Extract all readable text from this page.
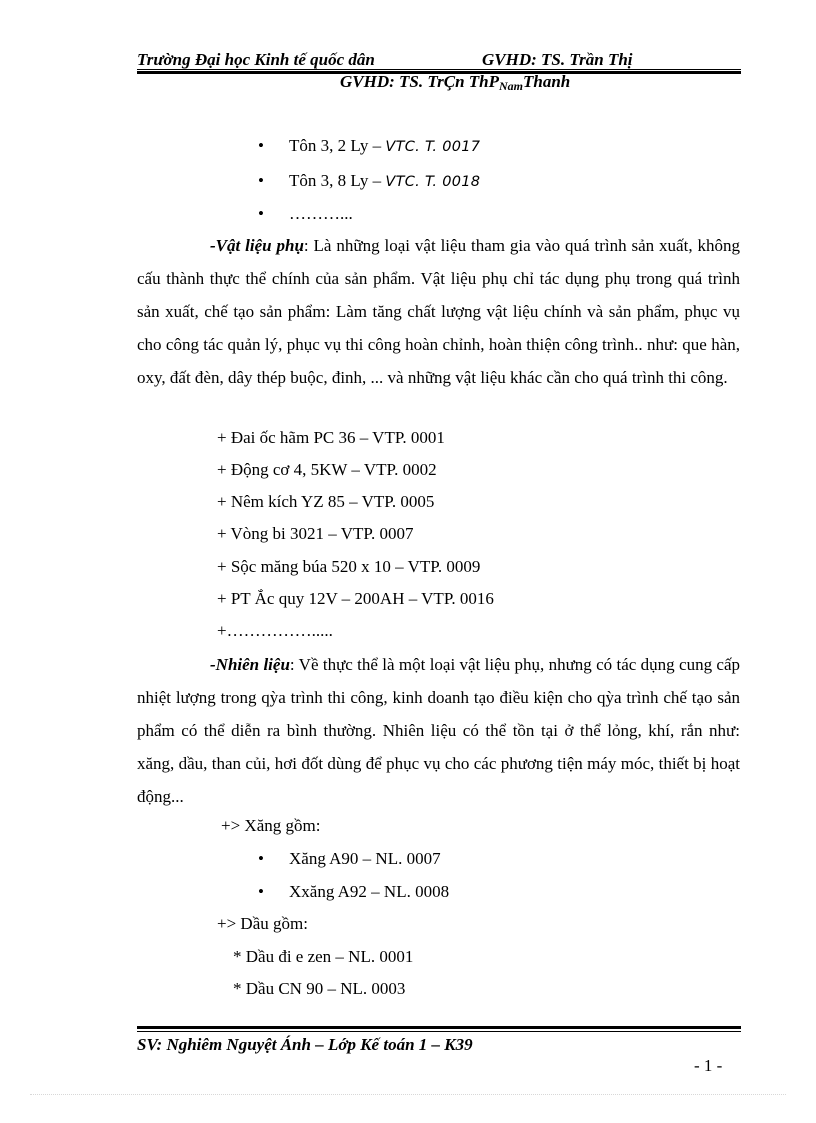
Trường Đại học Kinh tế quốc dân	GVHD: TS. Trần Thị
GVHD: TS. TrÇn ThP$_{Nam}$Thanh
• Tôn 3, 2 Ly – VTC. T. 0017
• Tôn 3, 8 Ly – VTC. T. 0018
• ………...
-Vật liệu phụ: Là những loại vật liệu tham gia vào quá trình sản xuất, không cấu thành thực thể chính của sản phẩm. Vật liệu phụ chỉ tác dụng phụ trong quá trình sản xuất, chế tạo sản phẩm: Làm tăng chất lượng vật liệu chính và sản phẩm, phục vụ cho công tác quản lý, phục vụ thi công hoàn chỉnh, hoàn thiện công trình.. như: que hàn, oxy, đất đèn, dây thép buộc, đinh, ... và những vật liệu khác cần cho quá trình thi công.
+ Đai ốc hãm PC 36 – VTP. 0001
+ Động cơ 4, 5KW – VTP. 0002
+ Nêm kích YZ 85 – VTP. 0005
+ Vòng bi 3021 – VTP. 0007
+ Sộc măng búa 520 x 10 – VTP. 0009
+ PT Ắc quy 12V – 200AH – VTP. 0016
+…………….....
-Nhiên liệu: Về thực thể là một loại vật liệu phụ, nhưng có tác dụng cung cấp nhiệt lượng trong qỳa trình thi công, kinh doanh tạo điều kiện cho qỳa trình chế tạo sản phẩm có thể diễn ra bình thường. Nhiên liệu có thể tồn tại ở thể lỏng, khí, rắn như: xăng, dầu, than củi, hơi đốt dùng để phục vụ cho các phương tiện máy móc, thiết bị hoạt động...
+> Xăng gồm:
• Xăng A90 – NL. 0007
• Xxăng A92 – NL. 0008
+> Dầu gồm:
* Dầu đi e zen – NL. 0001
* Dầu CN 90 – NL. 0003
SV: Nghiêm Nguyệt Ánh – Lớp Kế toán 1 – K39
- 1 -
